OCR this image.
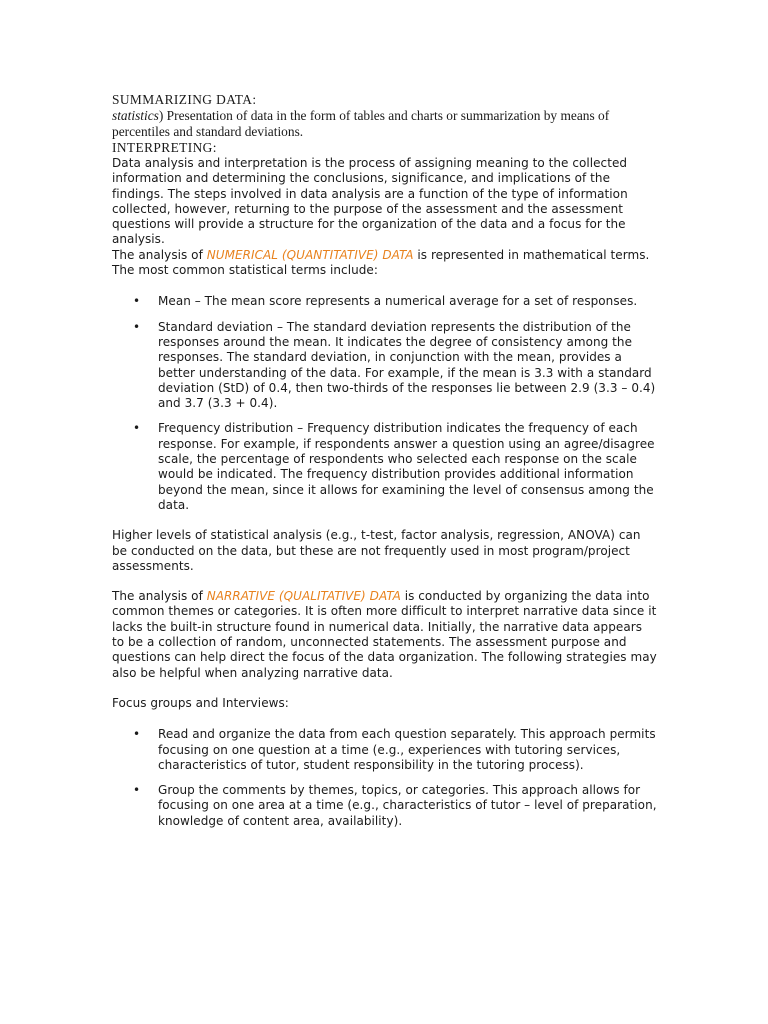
SUMMARIZING DATA:

statistics) Presentation of data in the form of tables and charts or summarization by means of percentiles and standard deviations.

INTERPRETING:

Data analysis and interpretation is the process of assigning meaning to the collected information and determining the conclusions, significance, and implications of the findings. The steps involved in data analysis are a function of the type of information collected, however, returning to the purpose of the assessment and the assessment questions will provide a structure for the organization of the data and a focus for the analysis.

The analysis of NUMERICAL (QUANTITATIVE) DATA is represented in mathematical terms. The most common statistical terms include:

• Mean – The mean score represents a numerical average for a set of responses.
• Standard deviation – The standard deviation represents the distribution of the responses around the mean. It indicates the degree of consistency among the responses. The standard deviation, in conjunction with the mean, provides a better understanding of the data. For example, if the mean is 3.3 with a standard deviation (StD) of 0.4, then two-thirds of the responses lie between 2.9 (3.3 – 0.4) and 3.7 (3.3 + 0.4).
• Frequency distribution – Frequency distribution indicates the frequency of each response. For example, if respondents answer a question using an agree/disagree scale, the percentage of respondents who selected each response on the scale would be indicated. The frequency distribution provides additional information beyond the mean, since it allows for examining the level of consensus among the data.

Higher levels of statistical analysis (e.g., t-test, factor analysis, regression, ANOVA) can be conducted on the data, but these are not frequently used in most program/project assessments.

The analysis of NARRATIVE (QUALITATIVE) DATA is conducted by organizing the data into common themes or categories. It is often more difficult to interpret narrative data since it lacks the built-in structure found in numerical data. Initially, the narrative data appears to be a collection of random, unconnected statements. The assessment purpose and questions can help direct the focus of the data organization. The following strategies may also be helpful when analyzing narrative data.

Focus groups and Interviews:

• Read and organize the data from each question separately. This approach permits focusing on one question at a time (e.g., experiences with tutoring services, characteristics of tutor, student responsibility in the tutoring process).
• Group the comments by themes, topics, or categories. This approach allows for focusing on one area at a time (e.g., characteristics of tutor – level of preparation, knowledge of content area, availability).
